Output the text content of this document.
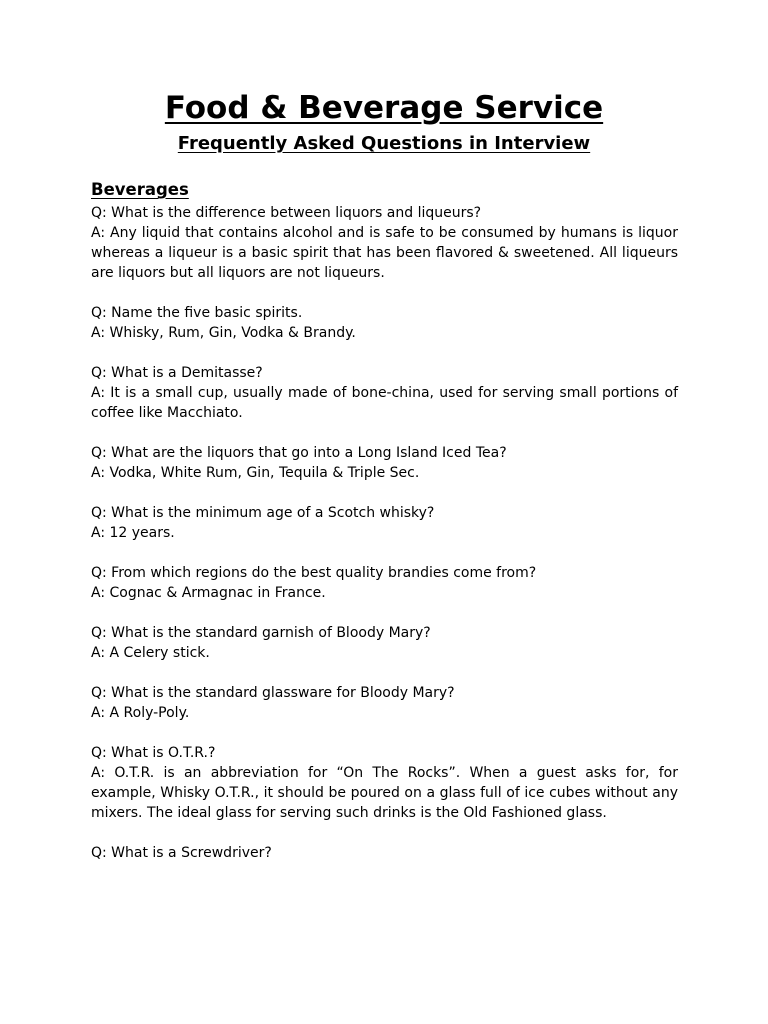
Food & Beverage Service
Frequently Asked Questions in Interview
Beverages

Q: What is the difference between liquors and liqueurs?

A: Any liquid that contains alcohol and is safe to be consumed by humans is liquor whereas a liqueur is a basic spirit that has been flavored & sweetened. All liqueurs are liquors but all liquors are not liqueurs.

Q: Name the five basic spirits.

A: Whisky, Rum, Gin, Vodka & Brandy.

Q: What is a Demitasse?

A: It is a small cup, usually made of bone-china, used for serving small portions of coffee like Macchiato.

Q: What are the liquors that go into a Long Island Iced Tea?

A: Vodka, White Rum, Gin, Tequila & Triple Sec.

Q: What is the minimum age of a Scotch whisky?

A: 12 years.

Q: From which regions do the best quality brandies come from?

A: Cognac & Armagnac in France.

Q: What is the standard garnish of Bloody Mary?

A: A Celery stick.

Q: What is the standard glassware for Bloody Mary?

A: A Roly-Poly.

Q: What is O.T.R.?

A: O.T.R. is an abbreviation for “On The Rocks”. When a guest asks for, for example, Whisky O.T.R., it should be poured on a glass full of ice cubes without any mixers. The ideal glass for serving such drinks is the Old Fashioned glass.

Q: What is a Screwdriver?
